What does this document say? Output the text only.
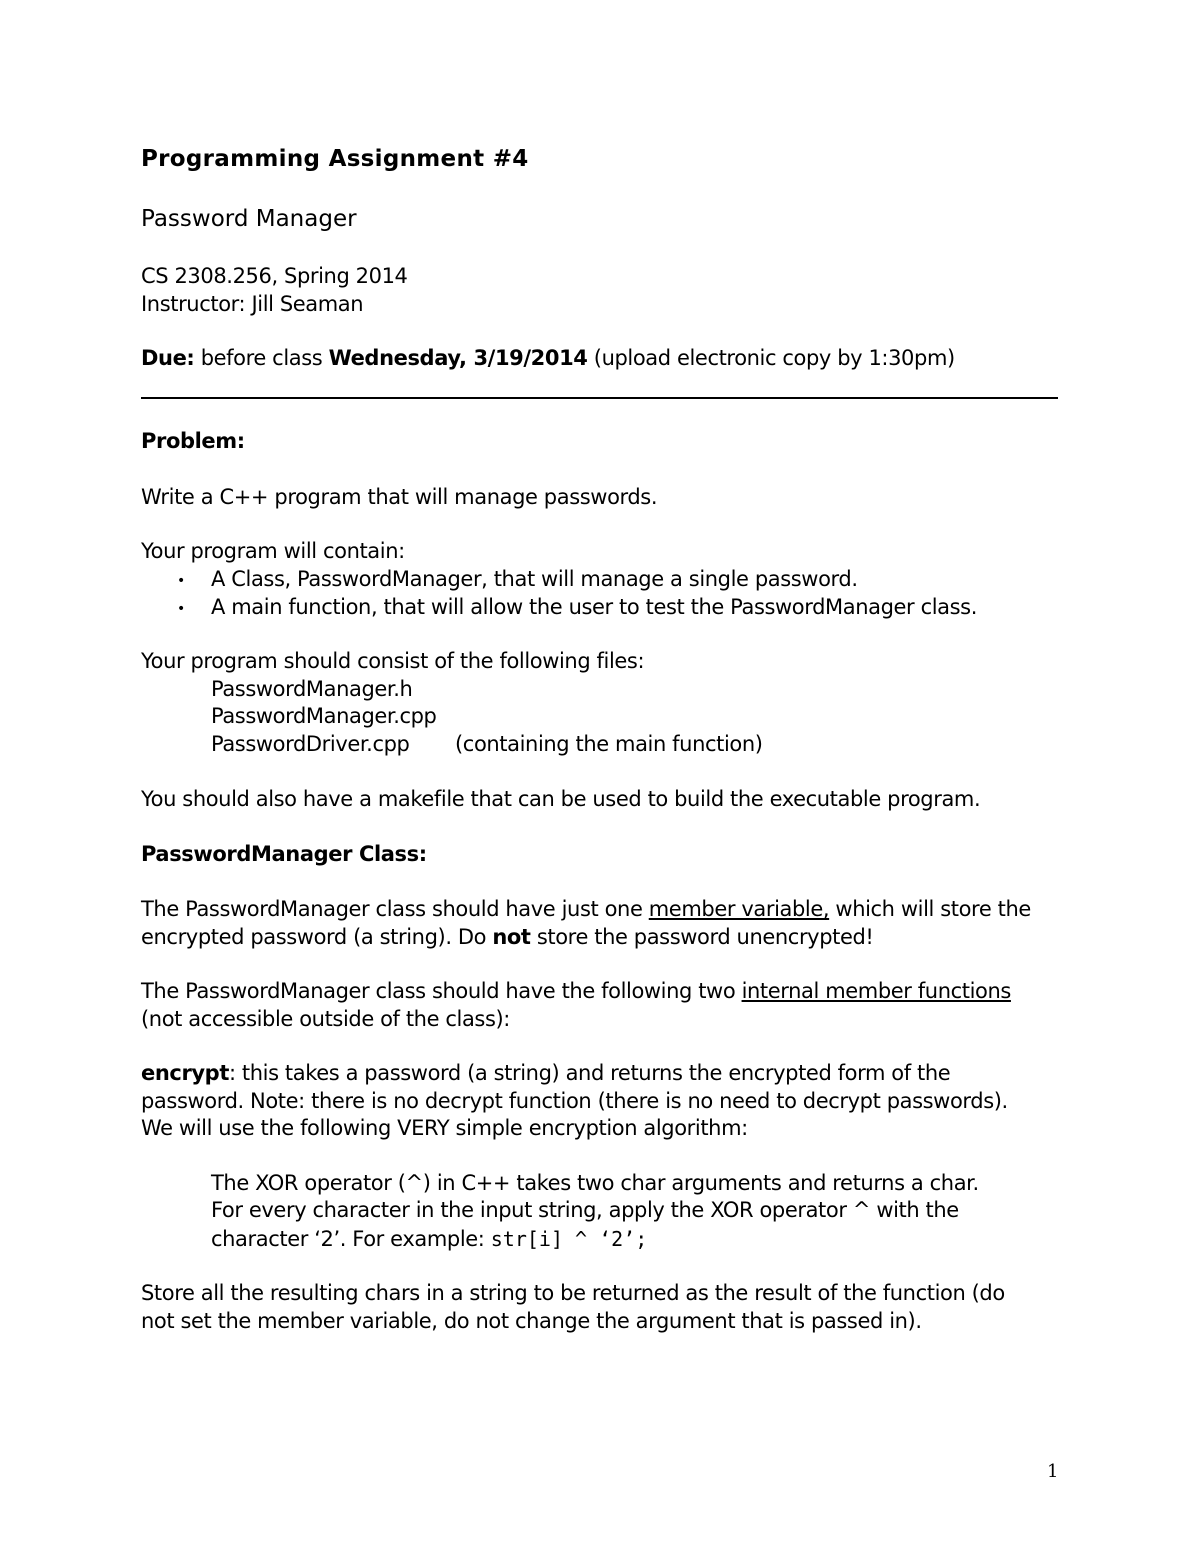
Programming Assignment #4
Password Manager
CS 2308.256, Spring 2014
Instructor: Jill Seaman
Due: before class Wednesday, 3/19/2014 (upload electronic copy by 1:30pm)
Problem:
Write a C++ program that will manage passwords.
Your program will contain:
• A Class, PasswordManager, that will manage a single password.
• A main function, that will allow the user to test the PasswordManager class.
Your program should consist of the following files:
PasswordManager.h
PasswordManager.cpp
PasswordDriver.cpp (containing the main function)
You should also have a makefile that can be used to build the executable program.
PasswordManager Class:
The PasswordManager class should have just one member variable, which will store the
encrypted password (a string). Do not store the password unencrypted!
The PasswordManager class should have the following two internal member functions
(not accessible outside of the class):
encrypt: this takes a password (a string) and returns the encrypted form of the
password. Note: there is no decrypt function (there is no need to decrypt passwords).
We will use the following VERY simple encryption algorithm:
The XOR operator (^) in C++ takes two char arguments and returns a char.
For every character in the input string, apply the XOR operator ^ with the
character ‘2’. For example: str[i] ^ ‘2’;
Store all the resulting chars in a string to be returned as the result of the function (do
not set the member variable, do not change the argument that is passed in).
1
